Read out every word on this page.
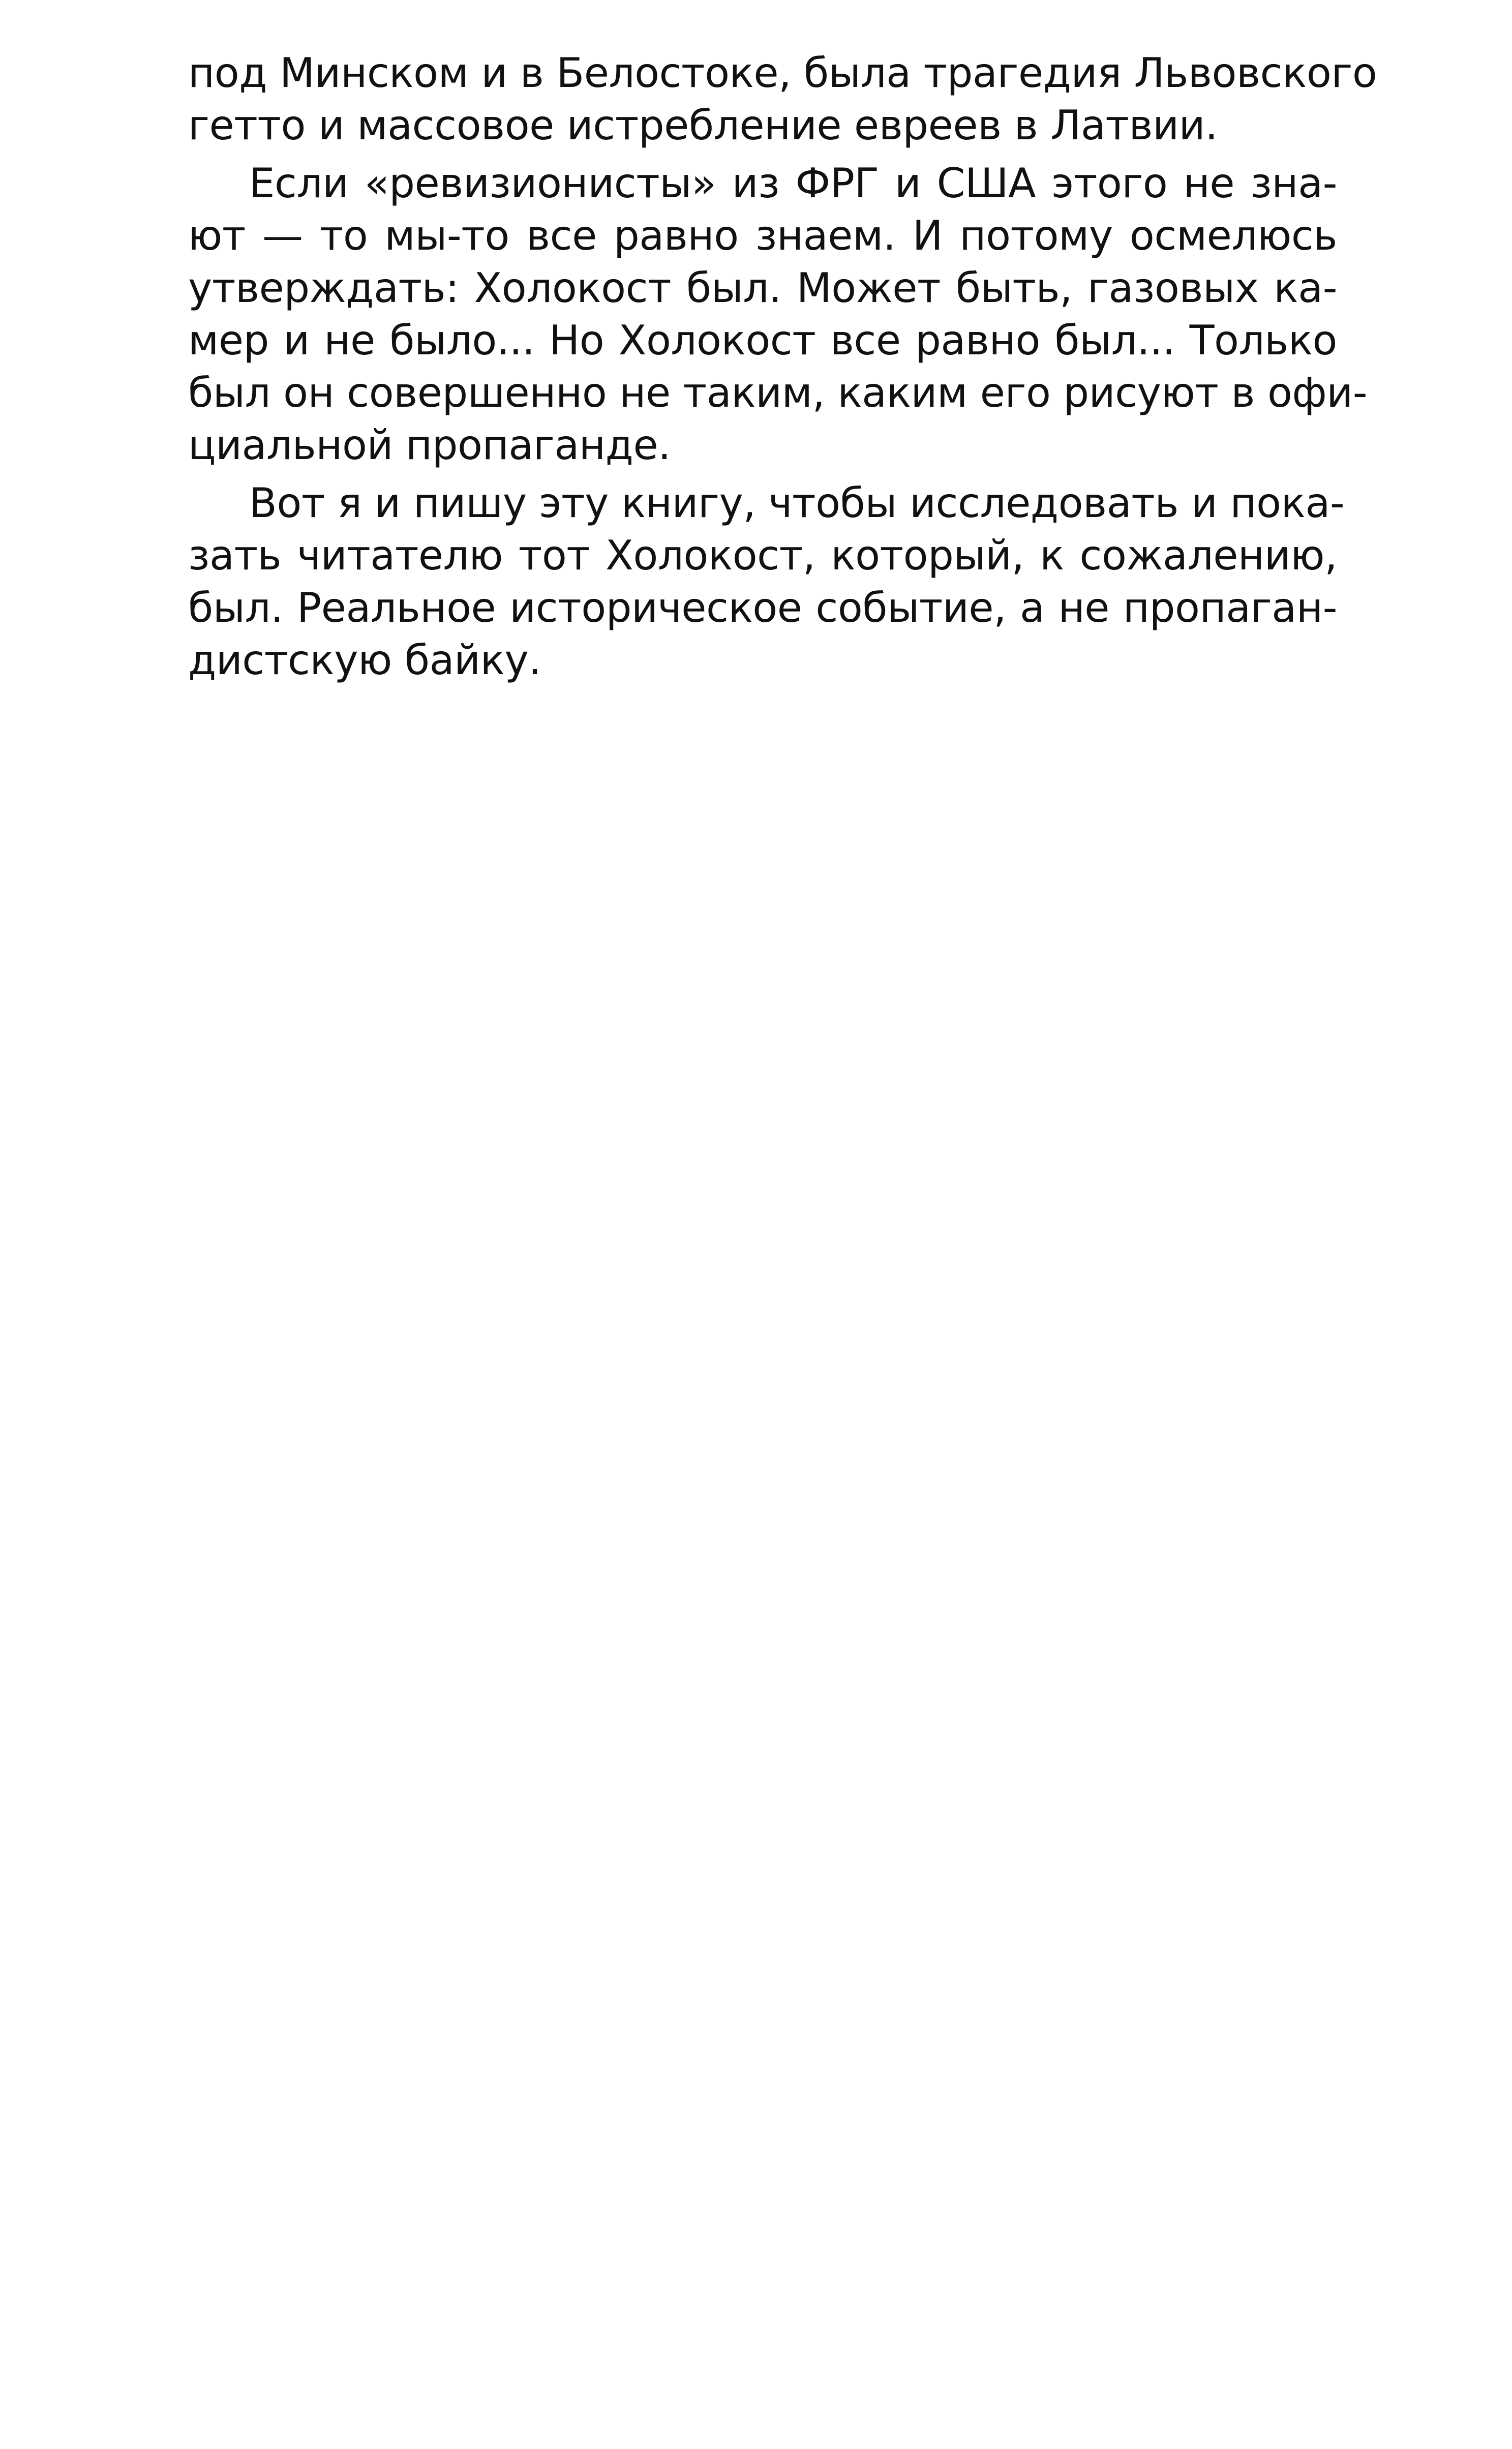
под Минском и в Белостоке, была трагедия Львовского
гетто и массовое истребление евреев в Латвии.
Если «ревизионисты» из ФРГ и США этого не зна-
ют — то мы-то все равно знаем. И потому осмелюсь
утверждать: Холокост был. Может быть, газовых ка-
мер и не было... Но Холокост все равно был... Только
был он совершенно не таким, каким его рисуют в офи-
циальной пропаганде.
Вот я и пишу эту книгу, чтобы исследовать и пока-
зать читателю тот Холокост, который, к сожалению,
был. Реальное историческое событие, а не пропаган-
дистскую байку.
